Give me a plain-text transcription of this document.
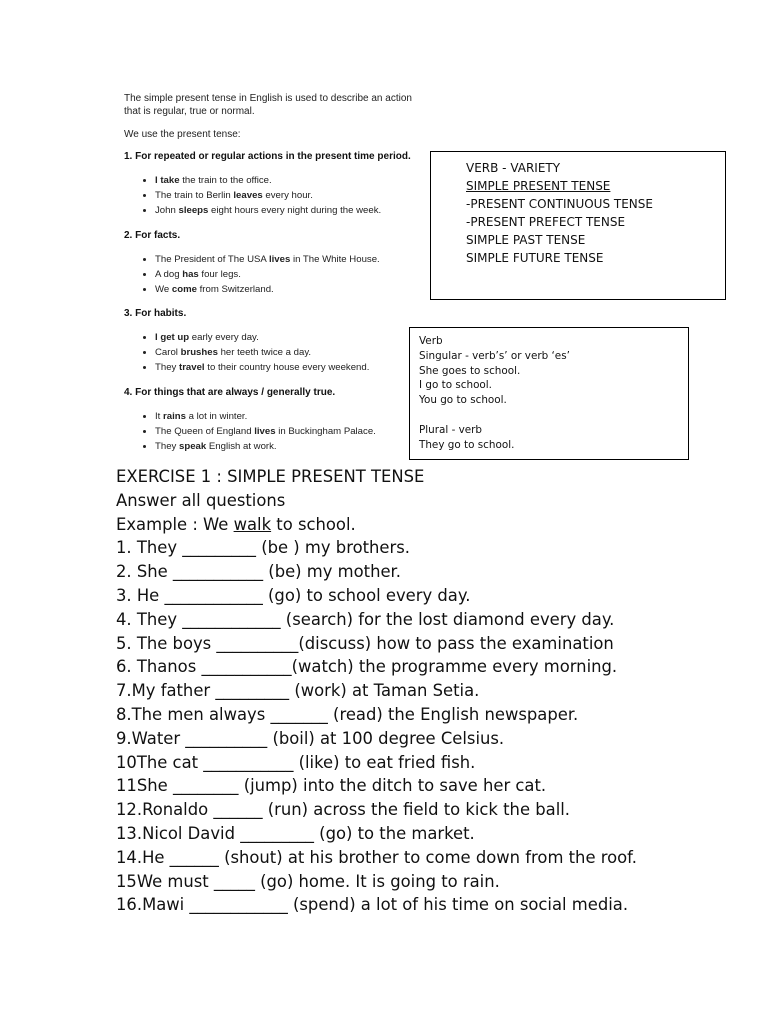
The simple present tense in English is used to describe an action that is regular, true or normal.

We use the present tense:

1. For repeated or regular actions in the present time period.
• I take the train to the office.
• The train to Berlin leaves every hour.
• John sleeps eight hours every night during the week.
2. For facts.
• The President of The USA lives in The White House.
• A dog has four legs.
• We come from Switzerland.
3. For habits.
• I get up early every day.
• Carol brushes her teeth twice a day.
• They travel to their country house every weekend.
4. For things that are always / generally true.
• It rains a lot in winter.
• The Queen of England lives in Buckingham Palace.
• They speak English at work.
VERB - VARIETY
SIMPLE PRESENT TENSE
-PRESENT CONTINUOUS TENSE
-PRESENT PREFECT TENSE
SIMPLE PAST TENSE
SIMPLE FUTURE TENSE
Verb
Singular - verb’s’ or verb ‘es’
She goes to school.
I go to school.
You go to school.
Plural - verb
They go to school.
EXERCISE 1 : SIMPLE PRESENT TENSE
Answer all questions
Example : We walk to school.
1. They _________ (be ) my brothers.
2. She ___________ (be) my mother.
3. He ____________ (go) to school every day.
4. They ____________ (search) for the lost diamond every day.
5. The boys __________(discuss) how to pass the examination
6. Thanos ___________(watch) the programme every morning.
7.My father _________ (work) at Taman Setia.
8.The men always _______ (read) the English newspaper.
9.Water __________ (boil) at 100 degree Celsius.
10The cat ___________ (like) to eat fried fish.
11She ________ (jump) into the ditch to save her cat.
12.Ronaldo ______ (run) across the field to kick the ball.
13.Nicol David _________ (go) to the market.
14.He ______ (shout) at his brother to come down from the roof.
15We must _____ (go) home. It is going to rain.
16.Mawi ____________ (spend) a lot of his time on social media.
